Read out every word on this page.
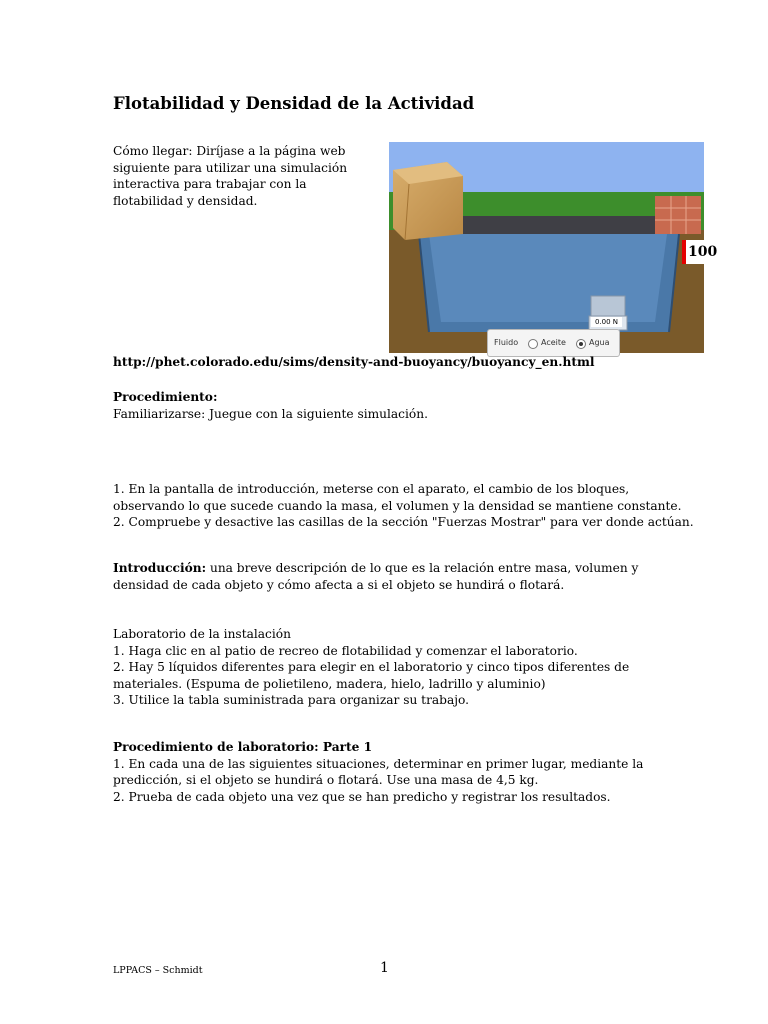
Flotabilidad y Densidad de la Actividad
Cómo llegar: Diríjase a la página web siguiente para utilizar una simulación interactiva para trabajar con la flotabilidad y densidad.
100
0.00 N
Fluido	Aceite	Agua
http://phet.colorado.edu/sims/density-and-buoyancy/buoyancy_en.html

Procedimiento:

Familiarizarse: Juegue con la siguiente simulación.

1. En la pantalla de introducción, meterse con el aparato, el cambio de los bloques, observando lo que sucede cuando la masa, el volumen y la densidad se mantiene constante.

2. Compruebe y desactive las casillas de la sección "Fuerzas Mostrar" para ver donde actúan.

Introducción: una breve descripción de lo que es la relación entre masa, volumen y densidad de cada objeto y cómo afecta a si el objeto se hundirá o flotará.

Laboratorio de la instalación

1. Haga clic en al patio de recreo de flotabilidad y comenzar el laboratorio.

2. Hay 5 líquidos diferentes para elegir en el laboratorio y cinco tipos diferentes de materiales. (Espuma de polietileno, madera, hielo, ladrillo y aluminio)

3. Utilice la tabla suministrada para organizar su trabajo.

Procedimiento de laboratorio: Parte 1

1. En cada una de las siguientes situaciones, determinar en primer lugar, mediante la predicción, si el objeto se hundirá o flotará. Use una masa de 4,5 kg.

2. Prueba de cada objeto una vez que se han predicho y registrar los resultados.

LPPACS – Schmidt	1
